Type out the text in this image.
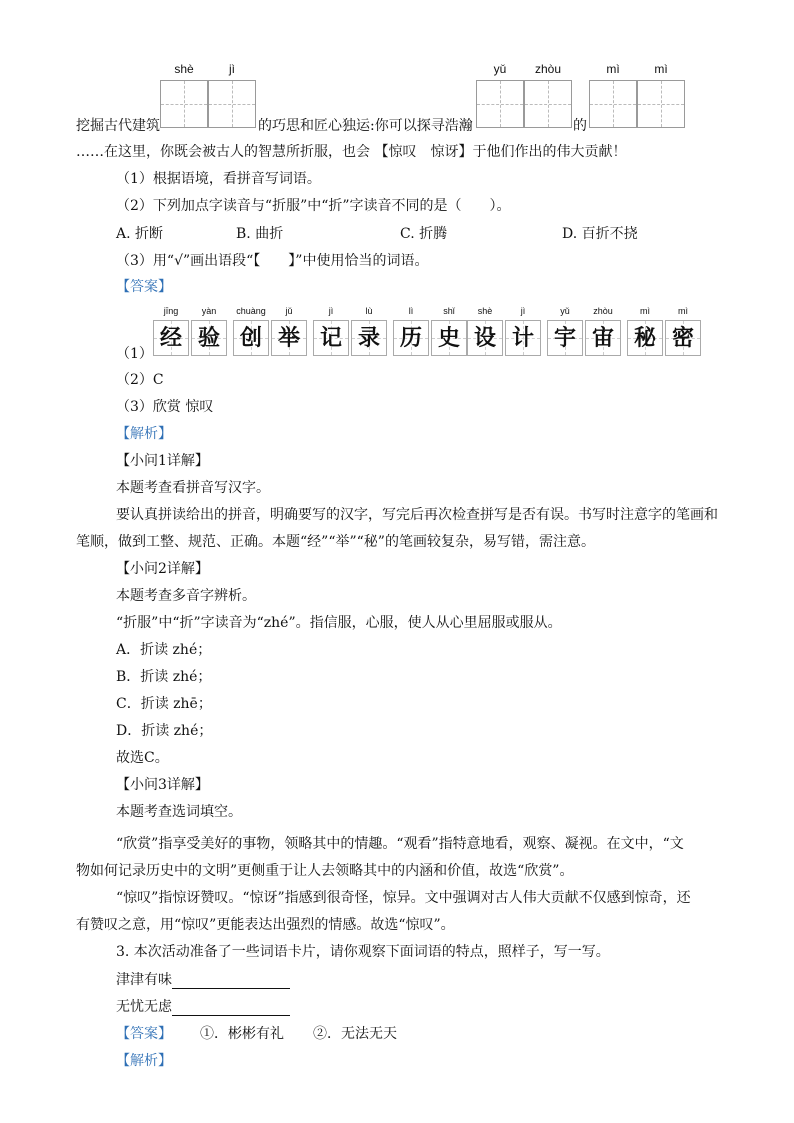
shè	jì	yǔ	zhòu	mì	mì
挖掘古代建筑	的巧思和匠心独运:你可以探寻浩瀚	的
……在这里，你既会被古人的智慧所折服，也会 【惊叹　惊讶】于他们作出的伟大贡献！
（1）根据语境，看拼音写词语。
（2）下列加点字读音与“折服”中“折”字读音不同的是（　　）。
A. 折断	B. 曲折	C. 折腾	D. 百折不挠
（3）用“√”画出语段“【　　】”中使用恰当的词语。
【答案】
（1）
jīng
经
yàn
验
chuàng
创
jǔ
举
jì
记
lù
录
lì
历
shǐ
史
shè
设
jì
计
yǔ
宇
zhòu
宙
mì
秘
mì
密
（2）C
（3）欣赏 惊叹
【解析】
【小问1详解】
本题考查看拼音写汉字。
要认真拼读给出的拼音，明确要写的汉字，写完后再次检查拼写是否有误。书写时注意字的笔画和
笔顺，做到工整、规范、正确。本题“经”“举”“秘”的笔画较复杂，易写错，需注意。
【小问2详解】
本题考查多音字辨析。
“折服”中“折”字读音为“zhé”。指信服，心服，使人从心里屈服或服从。
A．折读 zhé；
B．折读 zhé；
C．折读 zhē；
D．折读 zhé；
故选C。
【小问3详解】
本题考查选词填空。
“欣赏”指享受美好的事物，领略其中的情趣。“观看”指特意地看，观察、凝视。在文中，“文
物如何记录历史中的文明”更侧重于让人去领略其中的内涵和价值，故选“欣赏”。
“惊叹”指惊讶赞叹。“惊讶”指感到很奇怪，惊异。文中强调对古人伟大贡献不仅感到惊奇，还
有赞叹之意，用“惊叹”更能表达出强烈的情感。故选“惊叹”。
3. 本次活动准备了一些词语卡片，请你观察下面词语的特点，照样子，写一写。
津津有味
无忧无虑
【答案】 ①．彬彬有礼 ②．无法无天
【解析】
